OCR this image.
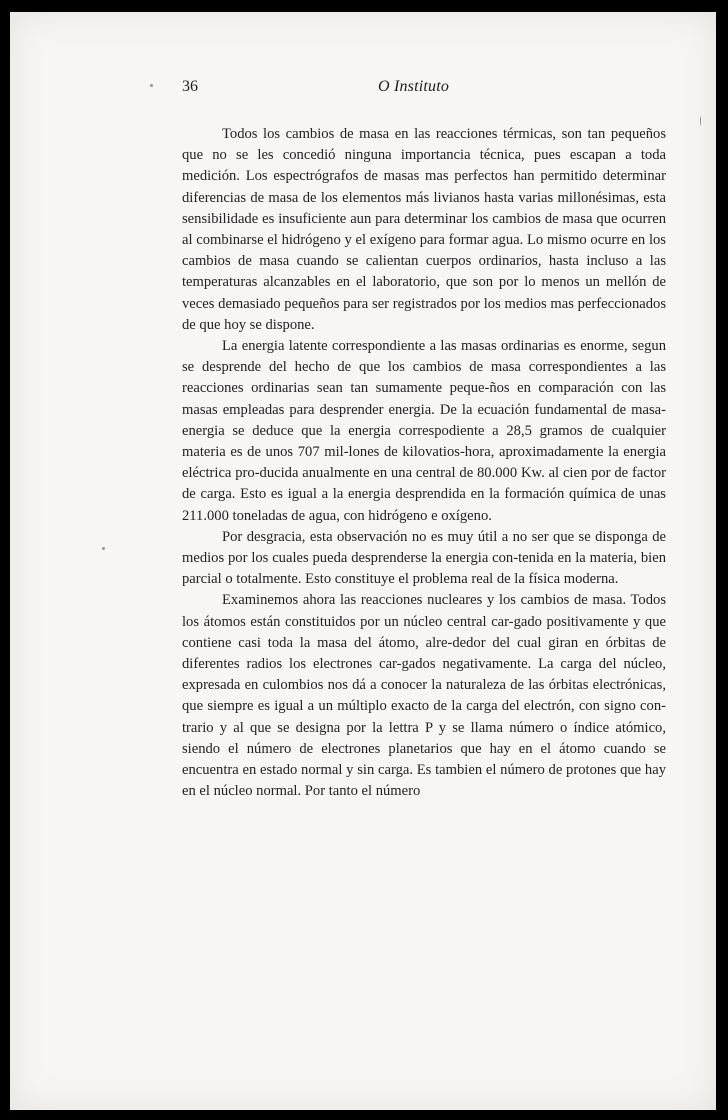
36	O Instituto

Todos los cambios de masa en las reacciones térmicas, son tan pequeños que no se les concedió ninguna importancia técnica, pues escapan a toda medición. Los espectrógrafos de masas mas perfectos han permitido determinar diferencias de masa de los elementos más livianos hasta varias millonésimas, esta sensibilidade es insuficiente aun para determinar los cambios de masa que ocurren al combinarse el hidrógeno y el exígeno para formar agua. Lo mismo ocurre en los cambios de masa cuando se calientan cuerpos ordinarios, hasta incluso a las temperaturas alcanzables en el laboratorio, que son por lo menos un mellón de veces demasiado pequeños para ser registrados por los medios mas perfeccionados de que hoy se dispone.

La energia latente correspondiente a las masas ordinarias es enorme, segun se desprende del hecho de que los cambios de masa correspondientes a las reacciones ordinarias sean tan sumamente peque-ños en comparación con las masas empleadas para desprender energia. De la ecuación fundamental de masa-energia se deduce que la energia correspodiente a 28,5 gramos de cualquier materia es de unos 707 mil-lones de kilovatios-hora, aproximadamente la energia eléctrica pro-ducida anualmente en una central de 80.000 Kw. al cien por de factor de carga. Esto es igual a la energia desprendida en la formación química de unas 211.000 toneladas de agua, con hidrógeno e oxígeno.

Por desgracia, esta observación no es muy útil a no ser que se disponga de medios por los cuales pueda desprenderse la energia con-tenida en la materia, bien parcial o totalmente. Esto constituye el problema real de la física moderna.

Examinemos ahora las reacciones nucleares y los cambios de masa. Todos los átomos están constituidos por un núcleo central car-gado positivamente y que contiene casi toda la masa del átomo, alre-dedor del cual giran en órbitas de diferentes radios los electrones car-gados negativamente. La carga del núcleo, expresada en culombios nos dá a conocer la naturaleza de las órbitas electrónicas, que siempre es igual a un múltiplo exacto de la carga del electrón, con signo con-trario y al que se designa por la lettra P y se llama número o índice atómico, siendo el número de electrones planetarios que hay en el átomo cuando se encuentra en estado normal y sin carga. Es tambien el número de protones que hay en el núcleo normal. Por tanto el número
